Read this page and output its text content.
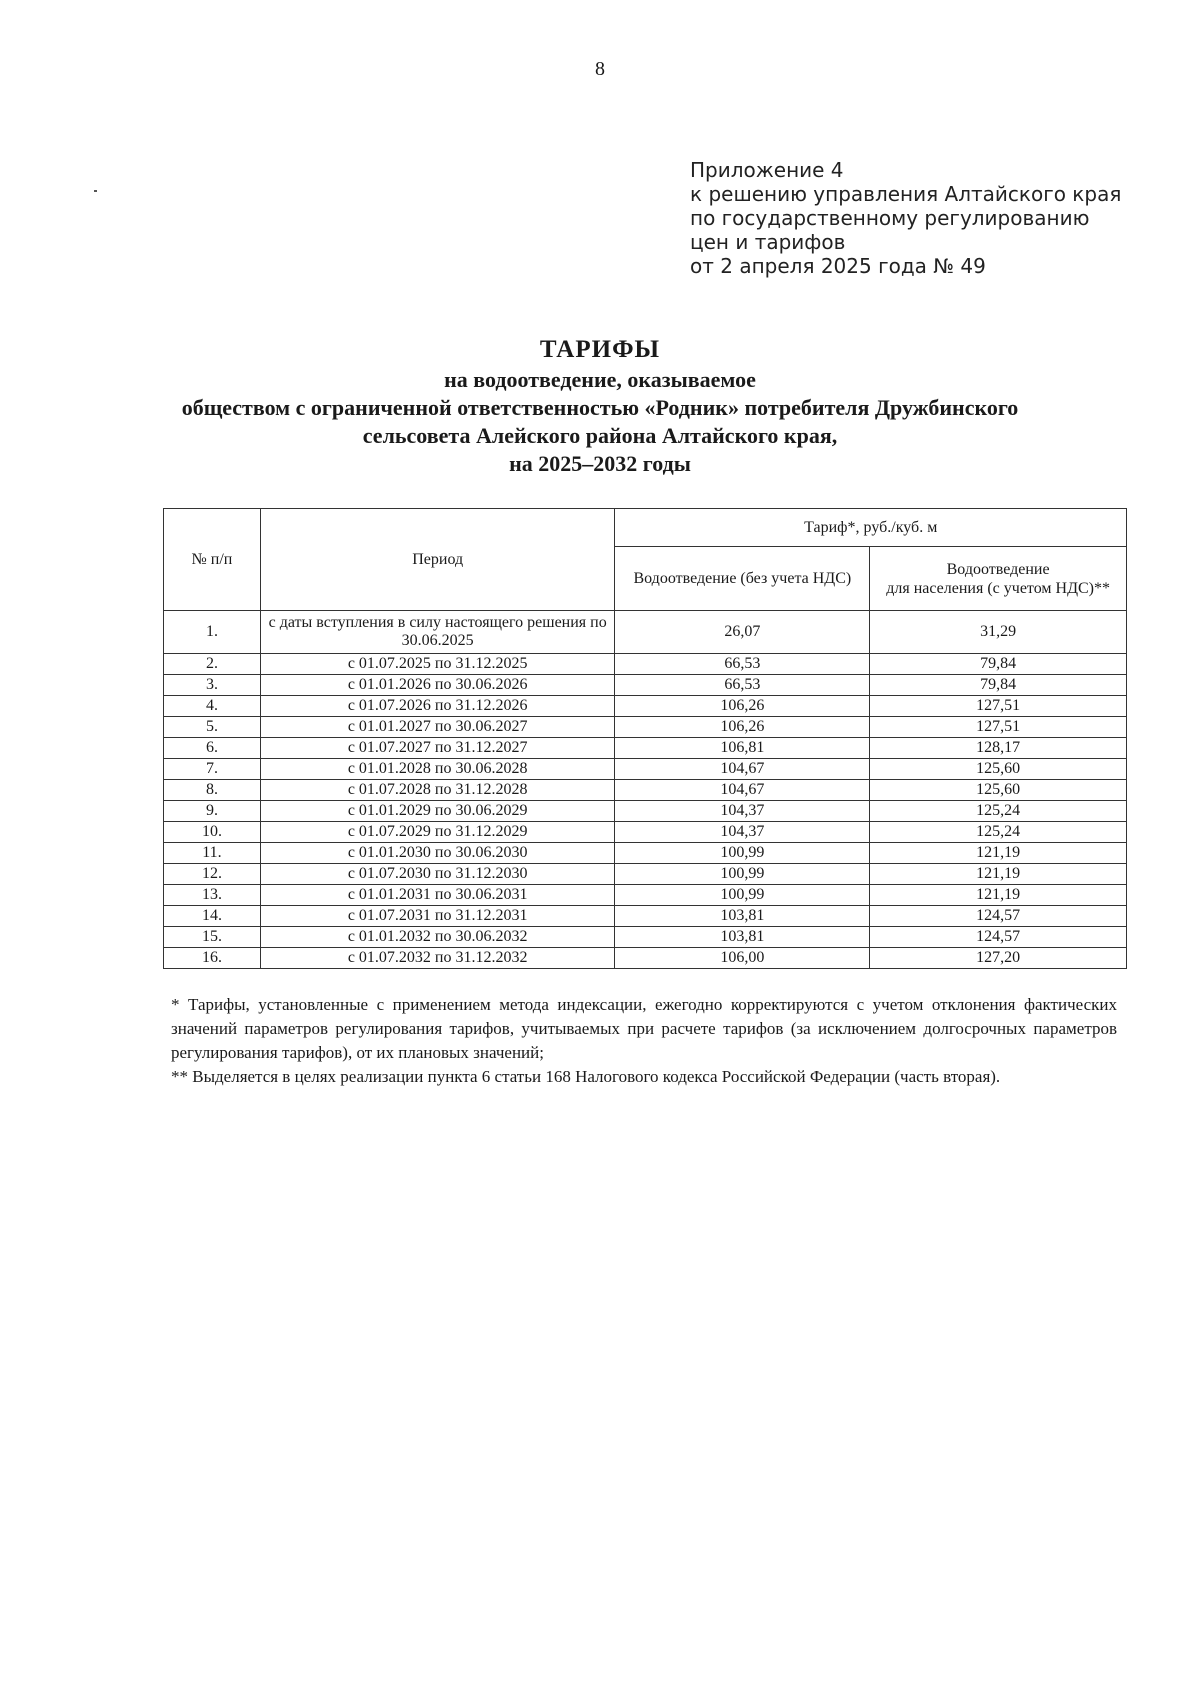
8
Приложение 4
к решению управления Алтайского края
по государственному регулированию
цен и тарифов
от 2 апреля 2025 года № 49
ТАРИФЫ
на водоотведение, оказываемое
обществом с ограниченной ответственностью «Родник» потребителя Дружбинского
сельсовета Алейского района Алтайского края,
на 2025–2032 годы
№ п/п	Период	Тариф*, руб./куб. м	
		Водоотведение (без учета НДС)	Водоотведение
для населения (с учетом НДС)**

1.	с даты вступления в силу настоящего решения по 30.06.2025	26,07	31,29
2.	с 01.07.2025 по 31.12.2025	66,53	79,84
3.	с 01.01.2026 по 30.06.2026	66,53	79,84
4.	с 01.07.2026 по 31.12.2026	106,26	127,51
5.	с 01.01.2027 по 30.06.2027	106,26	127,51
6.	с 01.07.2027 по 31.12.2027	106,81	128,17
7.	с 01.01.2028 по 30.06.2028	104,67	125,60
8.	с 01.07.2028 по 31.12.2028	104,67	125,60
9.	с 01.01.2029 по 30.06.2029	104,37	125,24
10.	с 01.07.2029 по 31.12.2029	104,37	125,24
11.	с 01.01.2030 по 30.06.2030	100,99	121,19
12.	с 01.07.2030 по 31.12.2030	100,99	121,19
13.	с 01.01.2031 по 30.06.2031	100,99	121,19
14.	с 01.07.2031 по 31.12.2031	103,81	124,57
15.	с 01.01.2032 по 30.06.2032	103,81	124,57
16.	с 01.07.2032 по 31.12.2032	106,00	127,20

* Тарифы, установленные с применением метода индексации, ежегодно корректируются с учетом отклонения фактических значений параметров регулирования тарифов, учитываемых при расчете тарифов (за исключением долгосрочных параметров регулирования тарифов), от их плановых значений;

** Выделяется в целях реализации пункта 6 статьи 168 Налогового кодекса Российской Федерации (часть вторая).
